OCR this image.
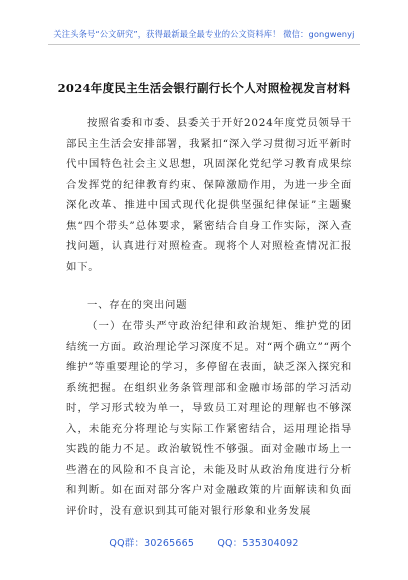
关注头条号“公文研究”，获得最新最全最专业的公文资料库！ 微信：gongwenyj
2024年度民主生活会银行副行长个人对照检视发言材料

按照省委和市委、县委关于开好2024年度党员领导干部民主生活会安排部署，我紧扣“深入学习贯彻习近平新时代中国特色社会主义思想，巩固深化党纪学习教育成果综合发挥党的纪律教育约束、保障激励作用，为进一步全面深化改革、推进中国式现代化提供坚强纪律保证”主题聚焦“四个带头”总体要求，紧密结合自身工作实际，深入查找问题，认真进行对照检查。现将个人对照检查情况汇报如下。

一、存在的突出问题

（一）在带头严守政治纪律和政治规矩、维护党的团结统一方面。政治理论学习深度不足。对“两个确立”“两个维护”等重要理论的学习，多停留在表面，缺乏深入探究和系统把握。在组织业务条管理部和金融市场部的学习活动时，学习形式较为单一，导致员工对理论的理解也不够深入，未能充分将理论与实际工作紧密结合，运用理论指导实践的能力不足。政治敏锐性不够强。面对金融市场上一些潜在的风险和不良言论，未能及时从政治角度进行分析和判断。如在面对部分客户对金融政策的片面解读和负面评价时，没有意识到其可能对银行形象和业务发展

QQ群：30265665 QQ：535304092
